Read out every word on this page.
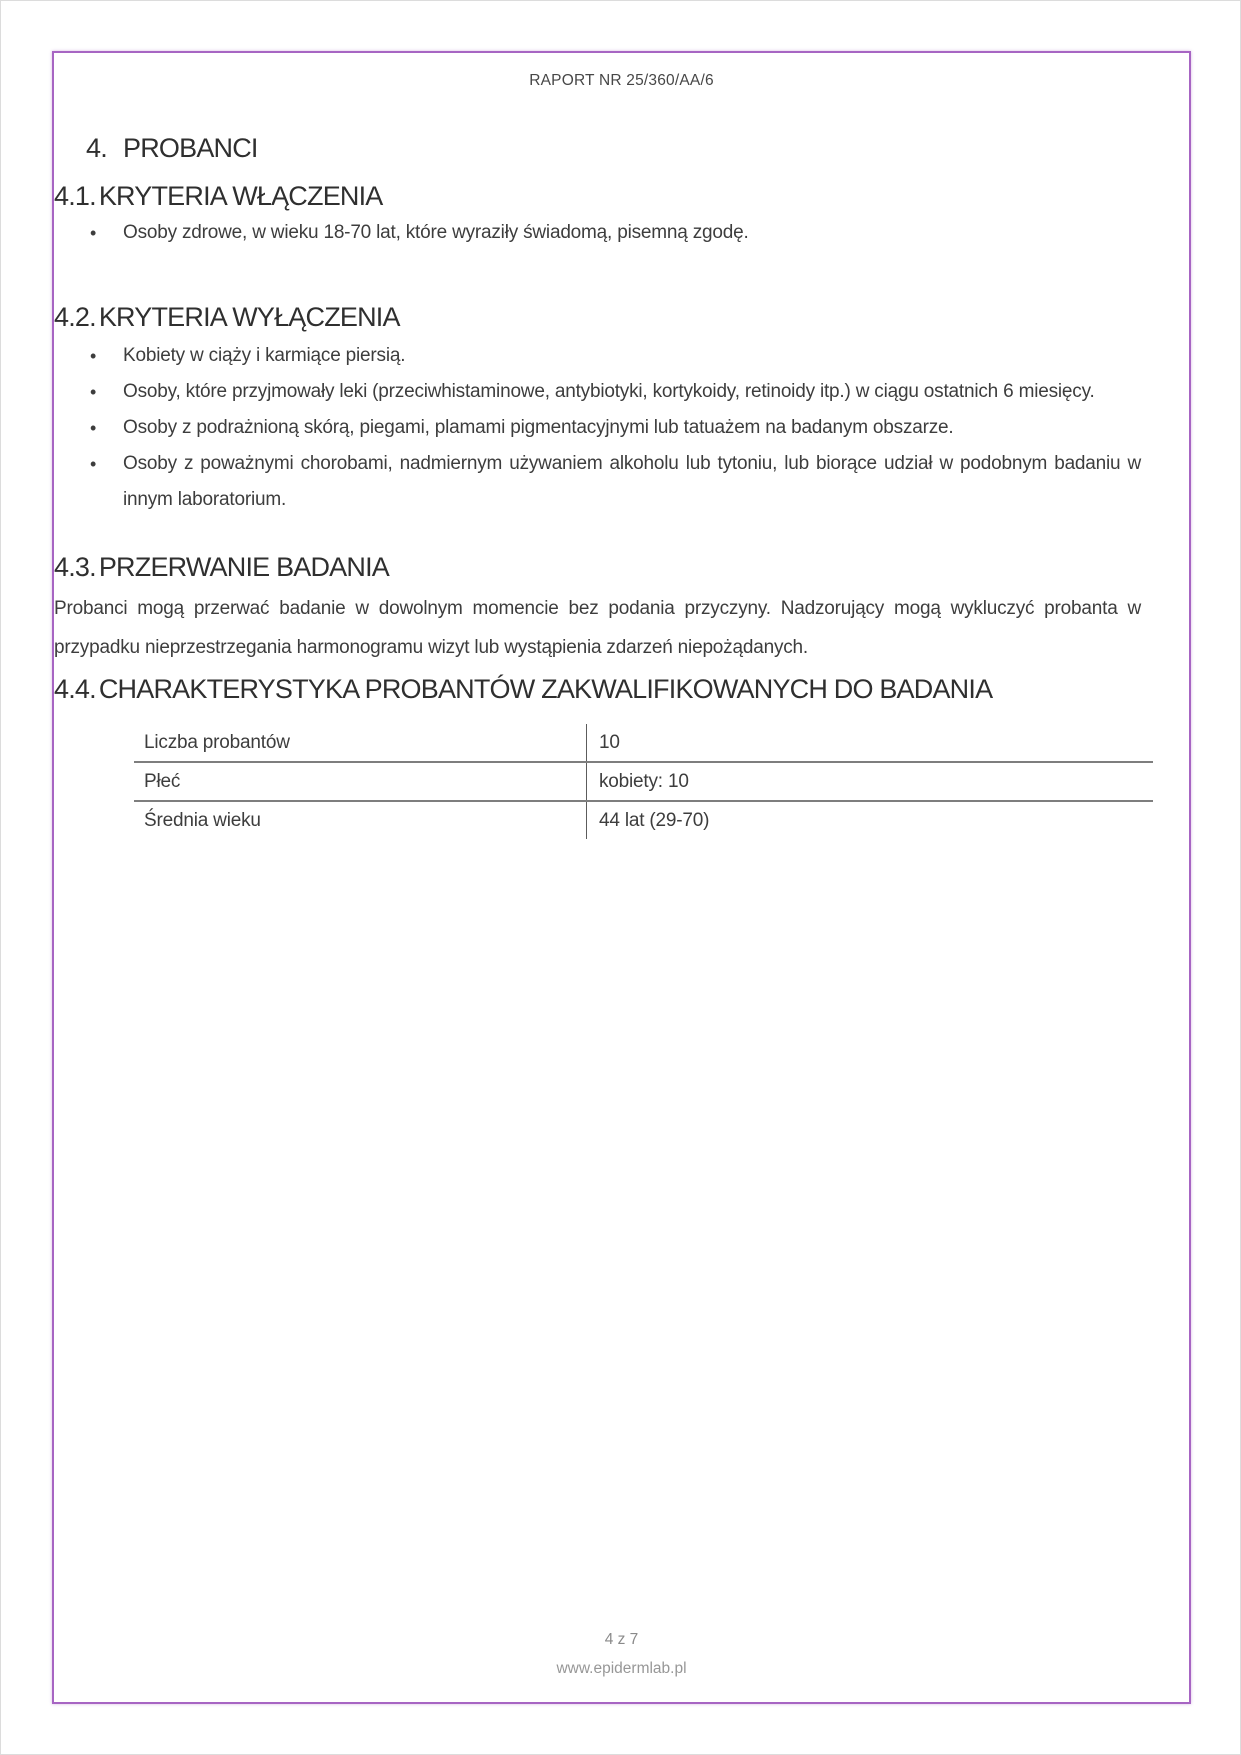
RAPORT NR 25/360/AA/6
4. PROBANCI
4.1. KRYTERIA WŁĄCZENIA
• Osoby zdrowe, w wieku 18-70 lat, które wyraziły świadomą, pisemną zgodę.
4.2. KRYTERIA WYŁĄCZENIA
• Kobiety w ciąży i karmiące piersią.
• Osoby, które przyjmowały leki (przeciwhistaminowe, antybiotyki, kortykoidy, retinoidy itp.) w ciągu ostatnich 6 miesięcy.
• Osoby z podrażnioną skórą, piegami, plamami pigmentacyjnymi lub tatuażem na badanym obszarze.
• Osoby z poważnymi chorobami, nadmiernym używaniem alkoholu lub tytoniu, lub biorące udział w podobnym badaniu w innym laboratorium.
4.3. PRZERWANIE BADANIA
Probanci mogą przerwać badanie w dowolnym momencie bez podania przyczyny. Nadzorujący mogą wykluczyć probanta w przypadku nieprzestrzegania harmonogramu wizyt lub wystąpienia zdarzeń niepożądanych.
4.4. CHARAKTERYSTYKA PROBANTÓW ZAKWALIFIKOWANYCH DO BADANIA
Liczba probantów	10
Płeć	kobiety: 10
Średnia wieku	44 lat (29-70)
4 z 7
www.epidermlab.pl
